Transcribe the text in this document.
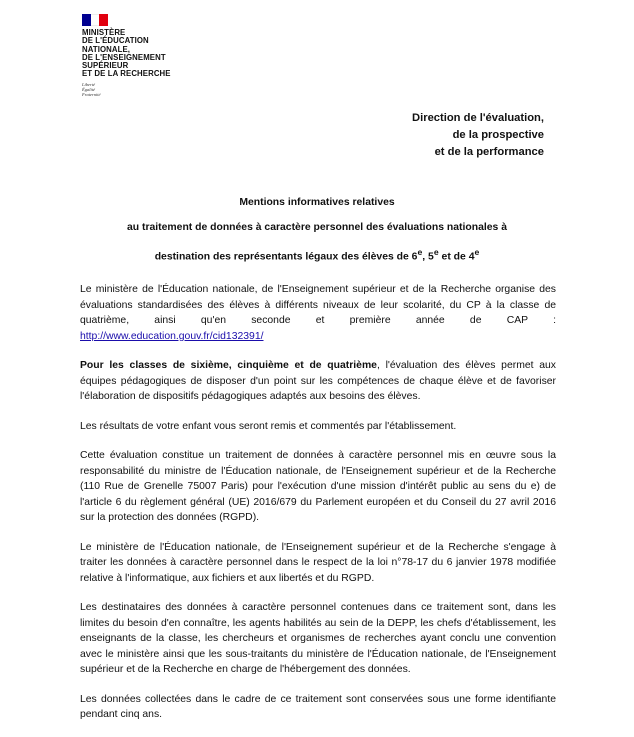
MINISTÈRE
DE L'ÉDUCATION
NATIONALE,
DE L'ENSEIGNEMENT
SUPÉRIEUR
ET DE LA RECHERCHE
Liberté
Égalité
Fraternité
Direction de l'évaluation,
de la prospective
et de la performance
Mentions informatives relatives
au traitement de données à caractère personnel des évaluations nationales à
destination des représentants légaux des élèves de 6e, 5e et de 4e

Le ministère de l'Éducation nationale, de l'Enseignement supérieur et de la Recherche organise des évaluations standardisées des élèves à différents niveaux de leur scolarité, du CP à la classe de quatrième, ainsi qu'en seconde et première année de CAP :

http://www.education.gouv.fr/cid132391/

Pour les classes de sixième, cinquième et de quatrième, l'évaluation des élèves permet aux équipes pédagogiques de disposer d'un point sur les compétences de chaque élève et de favoriser l'élaboration de dispositifs pédagogiques adaptés aux besoins des élèves.

Les résultats de votre enfant vous seront remis et commentés par l'établissement.

Cette évaluation constitue un traitement de données à caractère personnel mis en œuvre sous la responsabilité du ministre de l'Éducation nationale, de l'Enseignement supérieur et de la Recherche (110 Rue de Grenelle 75007 Paris) pour l'exécution d'une mission d'intérêt public au sens du e) de l'article 6 du règlement général (UE) 2016/679 du Parlement européen et du Conseil du 27 avril 2016 sur la protection des données (RGPD).

Le ministère de l'Éducation nationale, de l'Enseignement supérieur et de la Recherche s'engage à traiter les données à caractère personnel dans le respect de la loi n°78-17 du 6 janvier 1978 modifiée relative à l'informatique, aux fichiers et aux libertés et du RGPD.

Les destinataires des données à caractère personnel contenues dans ce traitement sont, dans les limites du besoin d'en connaître, les agents habilités au sein de la DEPP, les chefs d'établissement, les enseignants de la classe, les chercheurs et organismes de recherches ayant conclu une convention avec le ministère ainsi que les sous-traitants du ministère de l'Éducation nationale, de l'Enseignement supérieur et de la Recherche en charge de l'hébergement des données.

Les données collectées dans le cadre de ce traitement sont conservées sous une forme identifiante pendant cinq ans.
